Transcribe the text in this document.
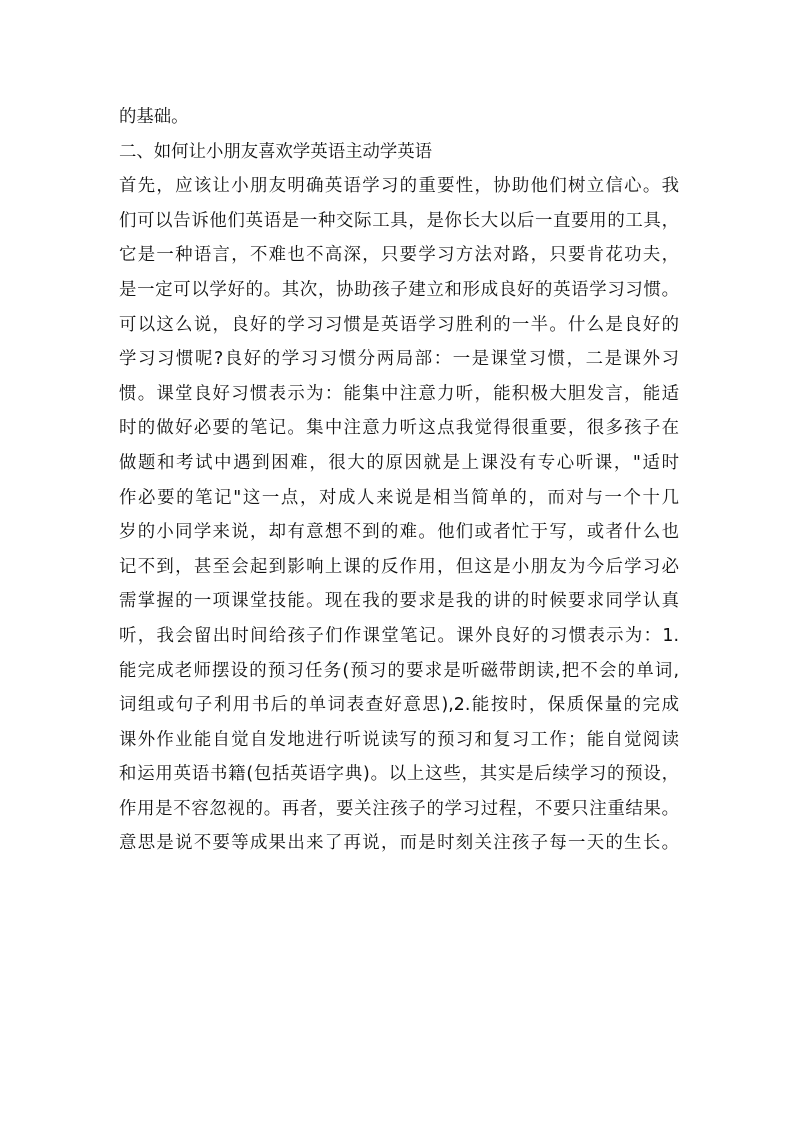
的基础。
二、如何让小朋友喜欢学英语主动学英语
首先，应该让小朋友明确英语学习的重要性，协助他们树立信心。我
们可以告诉他们英语是一种交际工具，是你长大以后一直要用的工具，
它是一种语言，不难也不高深，只要学习方法对路，只要肯花功夫，
是一定可以学好的。其次，协助孩子建立和形成良好的英语学习习惯。
可以这么说，良好的学习习惯是英语学习胜利的一半。什么是良好的
学习习惯呢?良好的学习习惯分两局部：一是课堂习惯，二是课外习
惯。课堂良好习惯表示为：能集中注意力听，能积极大胆发言，能适
时的做好必要的笔记。集中注意力听这点我觉得很重要，很多孩子在
做题和考试中遇到困难，很大的原因就是上课没有专心听课，"适时
作必要的笔记"这一点，对成人来说是相当简单的，而对与一个十几
岁的小同学来说，却有意想不到的难。他们或者忙于写，或者什么也
记不到，甚至会起到影响上课的反作用，但这是小朋友为今后学习必
需掌握的一项课堂技能。现在我的要求是我的讲的时候要求同学认真
听，我会留出时间给孩子们作课堂笔记。课外良好的习惯表示为：1.
能完成老师摆设的预习任务(预习的要求是听磁带朗读,把不会的单词,
词组或句子利用书后的单词表查好意思),2.能按时，保质保量的完成
课外作业能自觉自发地进行听说读写的预习和复习工作；能自觉阅读
和运用英语书籍(包括英语字典)。以上这些，其实是后续学习的预设，
作用是不容忽视的。再者，要关注孩子的学习过程，不要只注重结果。
意思是说不要等成果出来了再说，而是时刻关注孩子每一天的生长。
